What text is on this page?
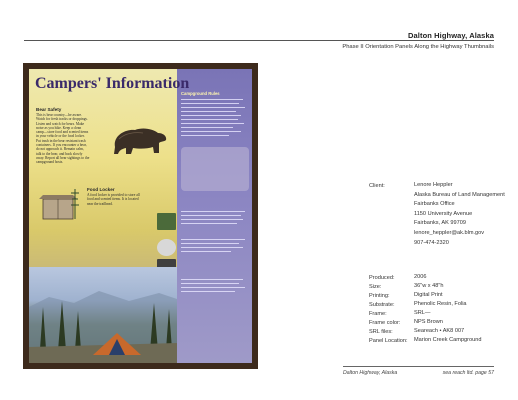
Dalton Highway, Alaska
Phase II Orientation Panels Along the Highway Thumbnails
Campers' Information
Bear Safety
This is bear country—be aware.
Watch for fresh tracks or droppings.
Listen and watch for bears. Make
noise as you hike. Keep a clean
camp—store food and scented items
in your vehicle or the food locker.
Put trash in the bear resistant trash
containers. If you encounter a bear,
do not approach it. Remain calm,
talk to the bear, and back slowly
away. Report all bear sightings to the
campground hosts.
Food Locker
A food locker is provided to store all
food and scented items. It is located
near the trailhead.
Campground Rules
Client:	Lenore Heppler
Alaska Bureau of Land Management
Fairbanks Office
1150 University Avenue
Fairbanks, AK 99709
lenore_heppler@ak.blm.gov
907-474-2320
Produced:	2006
Size:	36"w x 48"h
Printing:	Digital Print
Substrate:	Phenolic Resin, Folia
Frame:	SRL—
Frame color: NPS Brown
SRL files:	Seareach • AK8 007
Panel Location: Marion Creek Campground
Dalton Highway, Alaska	sea reach ltd. page 57
